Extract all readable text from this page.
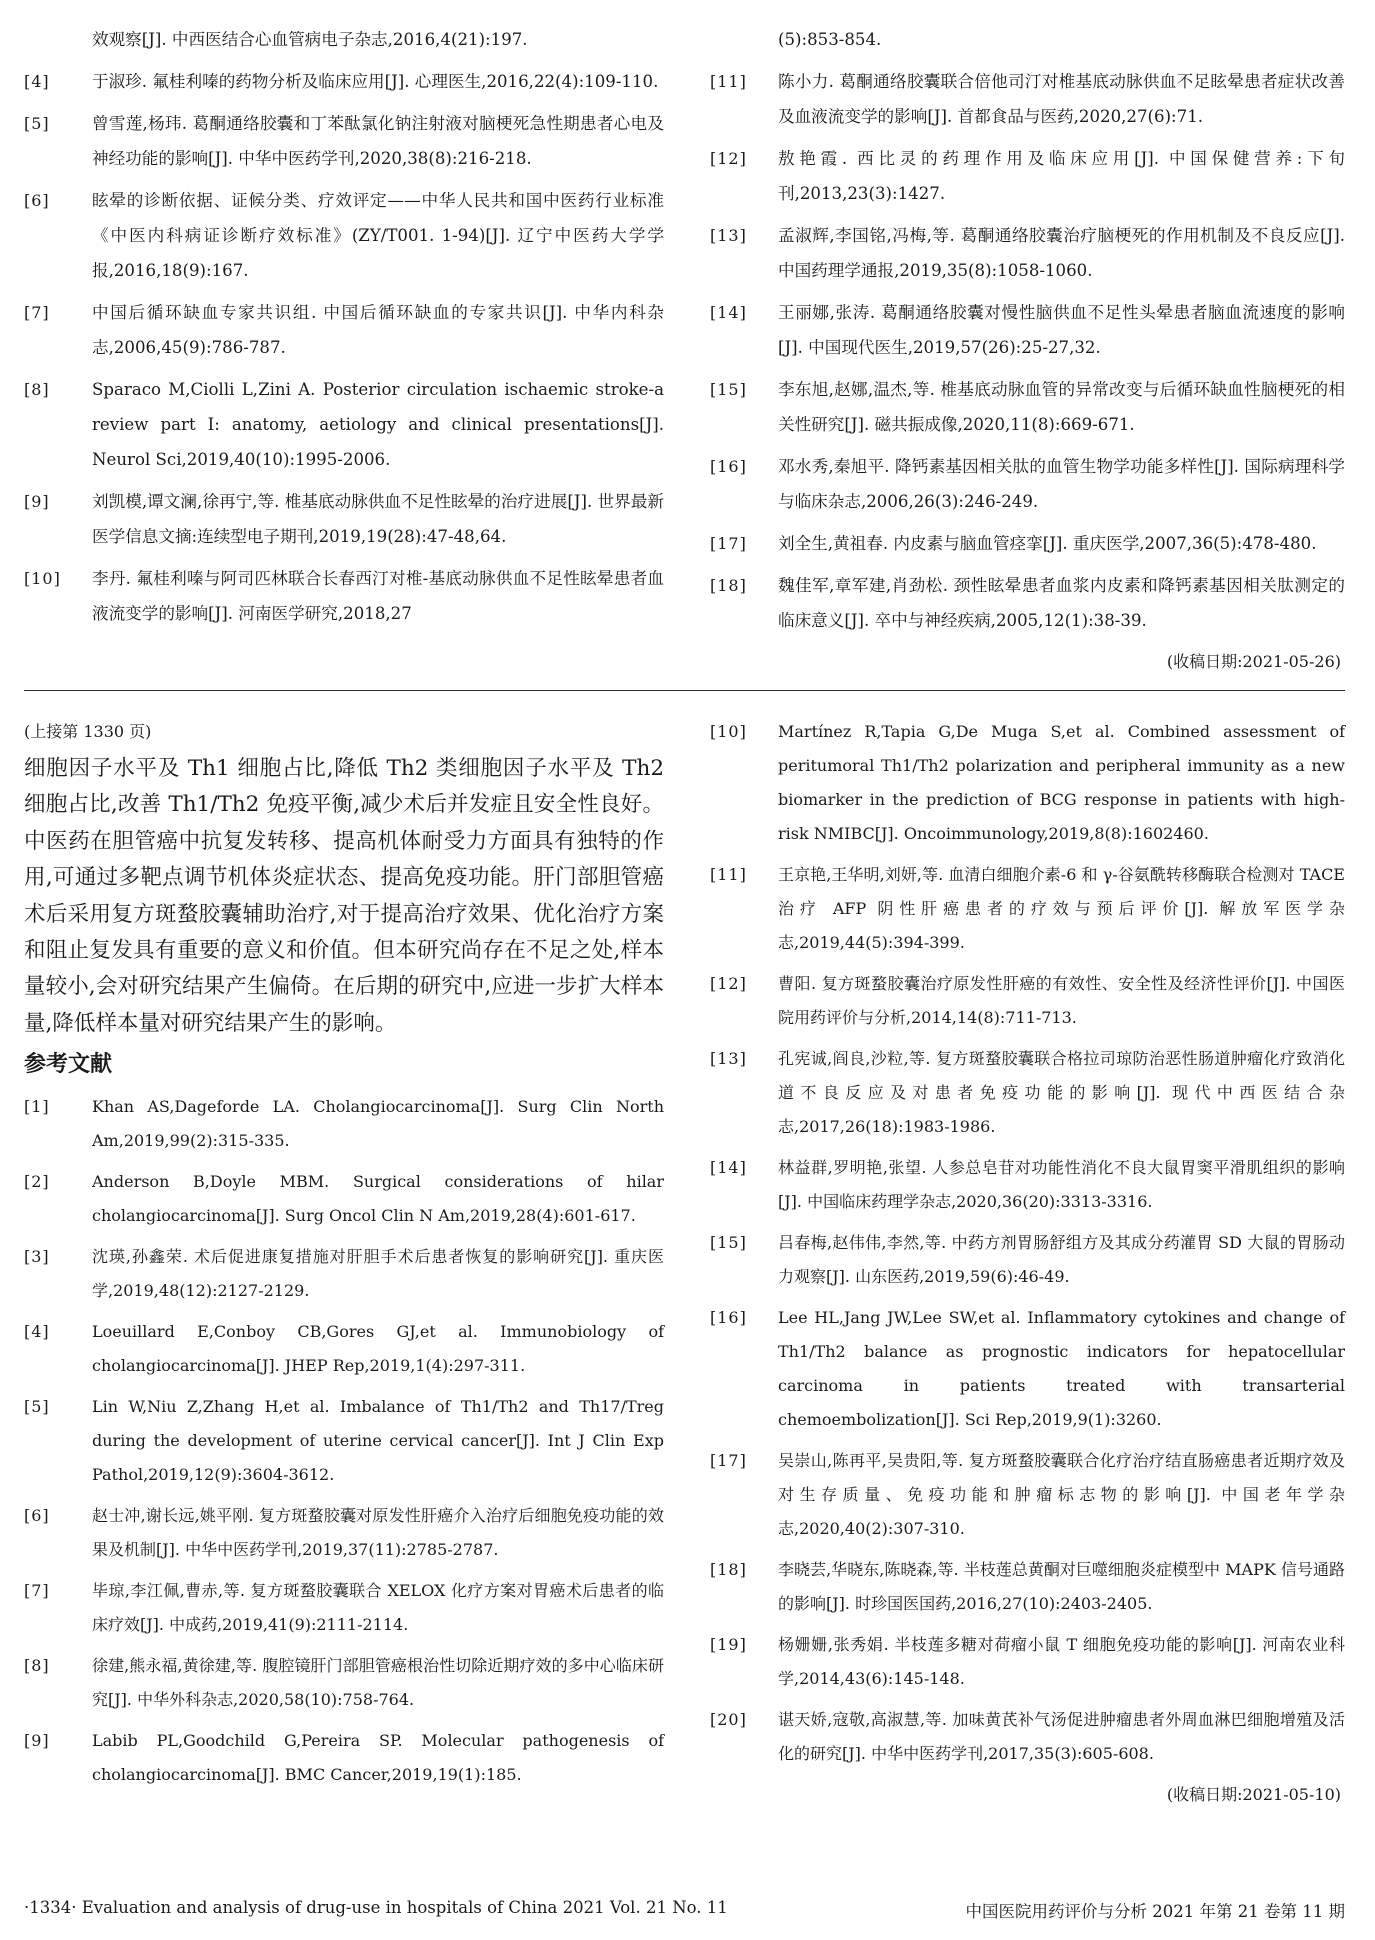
效观察[J]. 中西医结合心血管病电子杂志,2016,4(21):197.
[4]	于淑珍. 氟桂利嗪的药物分析及临床应用[J]. 心理医生,2016,22(4):109-110.
[5]	曾雪莲,杨玮. 葛酮通络胶囊和丁苯酞氯化钠注射液对脑梗死急性期患者心电及神经功能的影响[J]. 中华中医药学刊,2020,38(8):216-218.
[6]	眩晕的诊断依据、证候分类、疗效评定——中华人民共和国中医药行业标准《中医内科病证诊断疗效标准》(ZY/T001. 1-94)[J]. 辽宁中医药大学学报,2016,18(9):167.
[7]	中国后循环缺血专家共识组. 中国后循环缺血的专家共识[J]. 中华内科杂志,2006,45(9):786-787.
[8]	Sparaco M,Ciolli L,Zini A. Posterior circulation ischaemic stroke-a review part I: anatomy, aetiology and clinical presentations[J]. Neurol Sci,2019,40(10):1995-2006.
[9]	刘凯模,谭文澜,徐再宁,等. 椎基底动脉供血不足性眩晕的治疗进展[J]. 世界最新医学信息文摘:连续型电子期刊,2019,19(28):47-48,64.
[10]	李丹. 氟桂利嗪与阿司匹林联合长春西汀对椎-基底动脉供血不足性眩晕患者血液流变学的影响[J]. 河南医学研究,2018,27
(5):853-854.
[11]	陈小力. 葛酮通络胶囊联合倍他司汀对椎基底动脉供血不足眩晕患者症状改善及血液流变学的影响[J]. 首都食品与医药,2020,27(6):71.
[12]	敖艳霞. 西比灵的药理作用及临床应用[J]. 中国保健营养:下旬刊,2013,23(3):1427.
[13]	孟淑辉,李国铭,冯梅,等. 葛酮通络胶囊治疗脑梗死的作用机制及不良反应[J]. 中国药理学通报,2019,35(8):1058-1060.
[14]	王丽娜,张涛. 葛酮通络胶囊对慢性脑供血不足性头晕患者脑血流速度的影响[J]. 中国现代医生,2019,57(26):25-27,32.
[15]	李东旭,赵娜,温杰,等. 椎基底动脉血管的异常改变与后循环缺血性脑梗死的相关性研究[J]. 磁共振成像,2020,11(8):669-671.
[16]	邓水秀,秦旭平. 降钙素基因相关肽的血管生物学功能多样性[J]. 国际病理科学与临床杂志,2006,26(3):246-249.
[17]	刘全生,黄祖春. 内皮素与脑血管痉挛[J]. 重庆医学,2007,36(5):478-480.
[18]	魏佳军,章军建,肖劲松. 颈性眩晕患者血浆内皮素和降钙素基因相关肽测定的临床意义[J]. 卒中与神经疾病,2005,12(1):38-39.
(收稿日期:2021-05-26)
(上接第 1330 页)

细胞因子水平及 Th1 细胞占比,降低 Th2 类细胞因子水平及 Th2 细胞占比,改善 Th1/Th2 免疫平衡,减少术后并发症且安全性良好。中医药在胆管癌中抗复发转移、提高机体耐受力方面具有独特的作用,可通过多靶点调节机体炎症状态、提高免疫功能。肝门部胆管癌术后采用复方斑蝥胶囊辅助治疗,对于提高治疗效果、优化治疗方案和阻止复发具有重要的意义和价值。但本研究尚存在不足之处,样本量较小,会对研究结果产生偏倚。在后期的研究中,应进一步扩大样本量,降低样本量对研究结果产生的影响。

参考文献
[1]	Khan AS,Dageforde LA. Cholangiocarcinoma[J]. Surg Clin North Am,2019,99(2):315-335.
[2]	Anderson B,Doyle MBM. Surgical considerations of hilar cholangiocarcinoma[J]. Surg Oncol Clin N Am,2019,28(4):601-617.
[3]	沈瑛,孙鑫荣. 术后促进康复措施对肝胆手术后患者恢复的影响研究[J]. 重庆医学,2019,48(12):2127-2129.
[4]	Loeuillard E,Conboy CB,Gores GJ,et al. Immunobiology of cholangiocarcinoma[J]. JHEP Rep,2019,1(4):297-311.
[5]	Lin W,Niu Z,Zhang H,et al. Imbalance of Th1/Th2 and Th17/Treg during the development of uterine cervical cancer[J]. Int J Clin Exp Pathol,2019,12(9):3604-3612.
[6]	赵士冲,谢长远,姚平刚. 复方斑蝥胶囊对原发性肝癌介入治疗后细胞免疫功能的效果及机制[J]. 中华中医药学刊,2019,37(11):2785-2787.
[7]	毕琼,李江佩,曹赤,等. 复方斑蝥胶囊联合 XELOX 化疗方案对胃癌术后患者的临床疗效[J]. 中成药,2019,41(9):2111-2114.
[8]	徐建,熊永福,黄徐建,等. 腹腔镜肝门部胆管癌根治性切除近期疗效的多中心临床研究[J]. 中华外科杂志,2020,58(10):758-764.
[9]	Labib PL,Goodchild G,Pereira SP. Molecular pathogenesis of cholangiocarcinoma[J]. BMC Cancer,2019,19(1):185.
[10]	Martínez R,Tapia G,De Muga S,et al. Combined assessment of peritumoral Th1/Th2 polarization and peripheral immunity as a new biomarker in the prediction of BCG response in patients with high-risk NMIBC[J]. Oncoimmunology,2019,8(8):1602460.
[11]	王京艳,王华明,刘妍,等. 血清白细胞介素-6 和 γ-谷氨酰转移酶联合检测对 TACE 治疗 AFP 阴性肝癌患者的疗效与预后评价[J]. 解放军医学杂志,2019,44(5):394-399.
[12]	曹阳. 复方斑蝥胶囊治疗原发性肝癌的有效性、安全性及经济性评价[J]. 中国医院用药评价与分析,2014,14(8):711-713.
[13]	孔宪诚,阎良,沙粒,等. 复方斑蝥胶囊联合格拉司琼防治恶性肠道肿瘤化疗致消化道不良反应及对患者免疫功能的影响[J]. 现代中西医结合杂志,2017,26(18):1983-1986.
[14]	林益群,罗明艳,张望. 人参总皂苷对功能性消化不良大鼠胃窦平滑肌组织的影响[J]. 中国临床药理学杂志,2020,36(20):3313-3316.
[15]	吕春梅,赵伟伟,李然,等. 中药方剂胃肠舒组方及其成分药灌胃 SD 大鼠的胃肠动力观察[J]. 山东医药,2019,59(6):46-49.
[16]	Lee HL,Jang JW,Lee SW,et al. Inflammatory cytokines and change of Th1/Th2 balance as prognostic indicators for hepatocellular carcinoma in patients treated with transarterial chemoembolization[J]. Sci Rep,2019,9(1):3260.
[17]	吴崇山,陈再平,吴贵阳,等. 复方斑蝥胶囊联合化疗治疗结直肠癌患者近期疗效及对生存质量、免疫功能和肿瘤标志物的影响[J]. 中国老年学杂志,2020,40(2):307-310.
[18]	李晓芸,华晓东,陈晓森,等. 半枝莲总黄酮对巨噬细胞炎症模型中 MAPK 信号通路的影响[J]. 时珍国医国药,2016,27(10):2403-2405.
[19]	杨姗姗,张秀娟. 半枝莲多糖对荷瘤小鼠 T 细胞免疫功能的影响[J]. 河南农业科学,2014,43(6):145-148.
[20]	谌天娇,寇敬,高淑慧,等. 加味黄芪补气汤促进肿瘤患者外周血淋巴细胞增殖及活化的研究[J]. 中华中医药学刊,2017,35(3):605-608.
(收稿日期:2021-05-10)
·1334· Evaluation and analysis of drug-use in hospitals of China 2021 Vol. 21 No. 11	中国医院用药评价与分析 2021 年第 21 卷第 11 期
